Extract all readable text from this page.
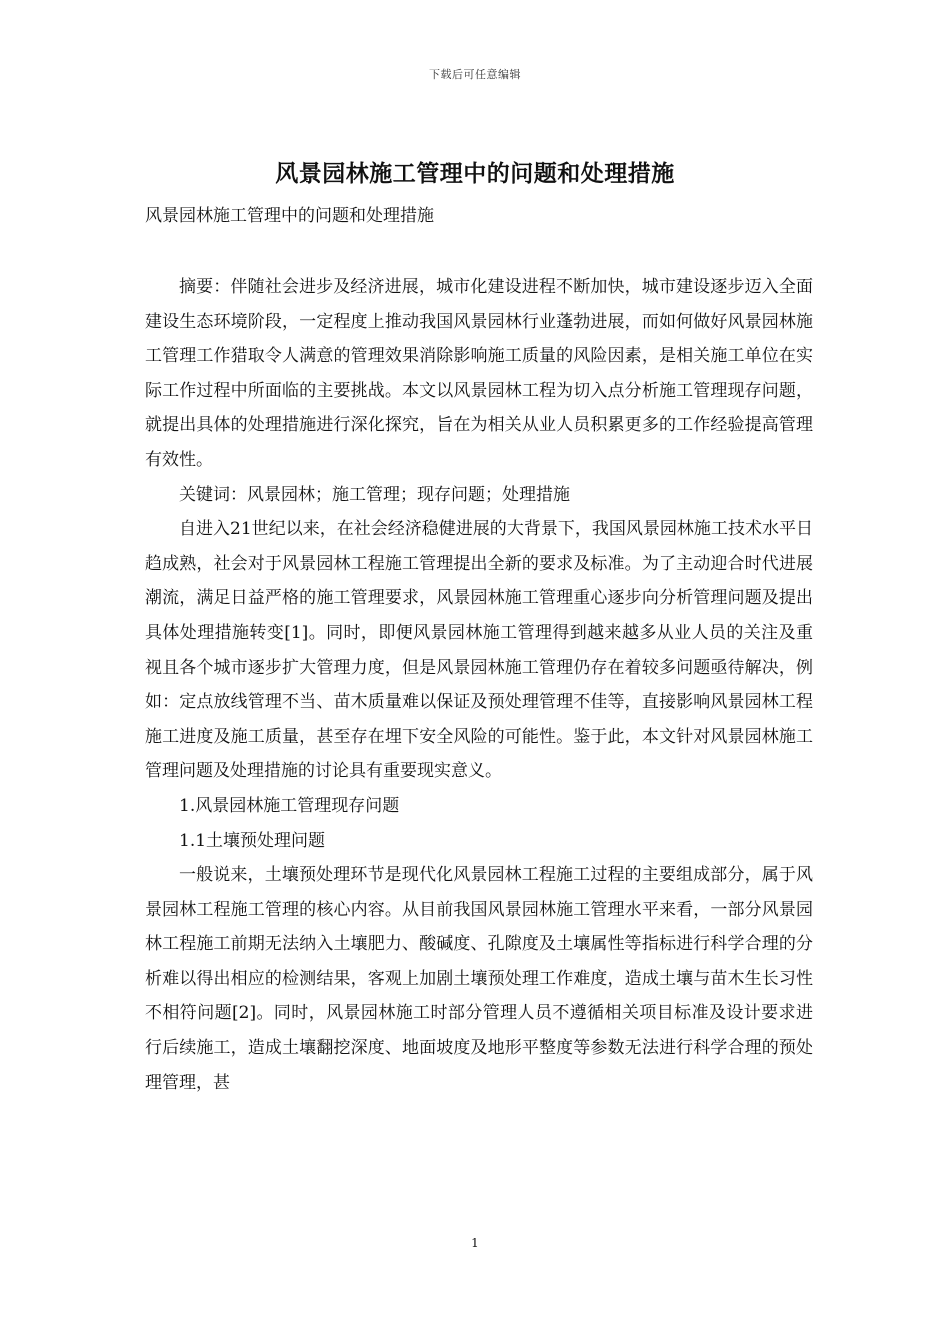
下载后可任意编辑
风景园林施工管理中的问题和处理措施
风景园林施工管理中的问题和处理措施

摘要：伴随社会进步及经济进展，城市化建设进程不断加快，城市建设逐步迈入全面建设生态环境阶段，一定程度上推动我国风景园林行业蓬勃进展，而如何做好风景园林施工管理工作猎取令人满意的管理效果消除影响施工质量的风险因素，是相关施工单位在实际工作过程中所面临的主要挑战。本文以风景园林工程为切入点分析施工管理现存问题，就提出具体的处理措施进行深化探究，旨在为相关从业人员积累更多的工作经验提高管理有效性。

关键词：风景园林；施工管理；现存问题；处理措施

自进入21世纪以来，在社会经济稳健进展的大背景下，我国风景园林施工技术水平日趋成熟，社会对于风景园林工程施工管理提出全新的要求及标准。为了主动迎合时代进展潮流，满足日益严格的施工管理要求，风景园林施工管理重心逐步向分析管理问题及提出具体处理措施转变[1]。同时，即便风景园林施工管理得到越来越多从业人员的关注及重视且各个城市逐步扩大管理力度，但是风景园林施工管理仍存在着较多问题亟待解决，例如：定点放线管理不当、苗木质量难以保证及预处理管理不佳等，直接影响风景园林工程施工进度及施工质量，甚至存在埋下安全风险的可能性。鉴于此，本文针对风景园林施工管理问题及处理措施的讨论具有重要现实意义。

1.风景园林施工管理现存问题

1.1土壤预处理问题

一般说来，土壤预处理环节是现代化风景园林工程施工过程的主要组成部分，属于风景园林工程施工管理的核心内容。从目前我国风景园林施工管理水平来看，一部分风景园林工程施工前期无法纳入土壤肥力、酸碱度、孔隙度及土壤属性等指标进行科学合理的分析难以得出相应的检测结果，客观上加剧土壤预处理工作难度，造成土壤与苗木生长习性不相符问题[2]。同时，风景园林施工时部分管理人员不遵循相关项目标准及设计要求进行后续施工，造成土壤翻挖深度、地面坡度及地形平整度等参数无法进行科学合理的预处理管理，甚

1
